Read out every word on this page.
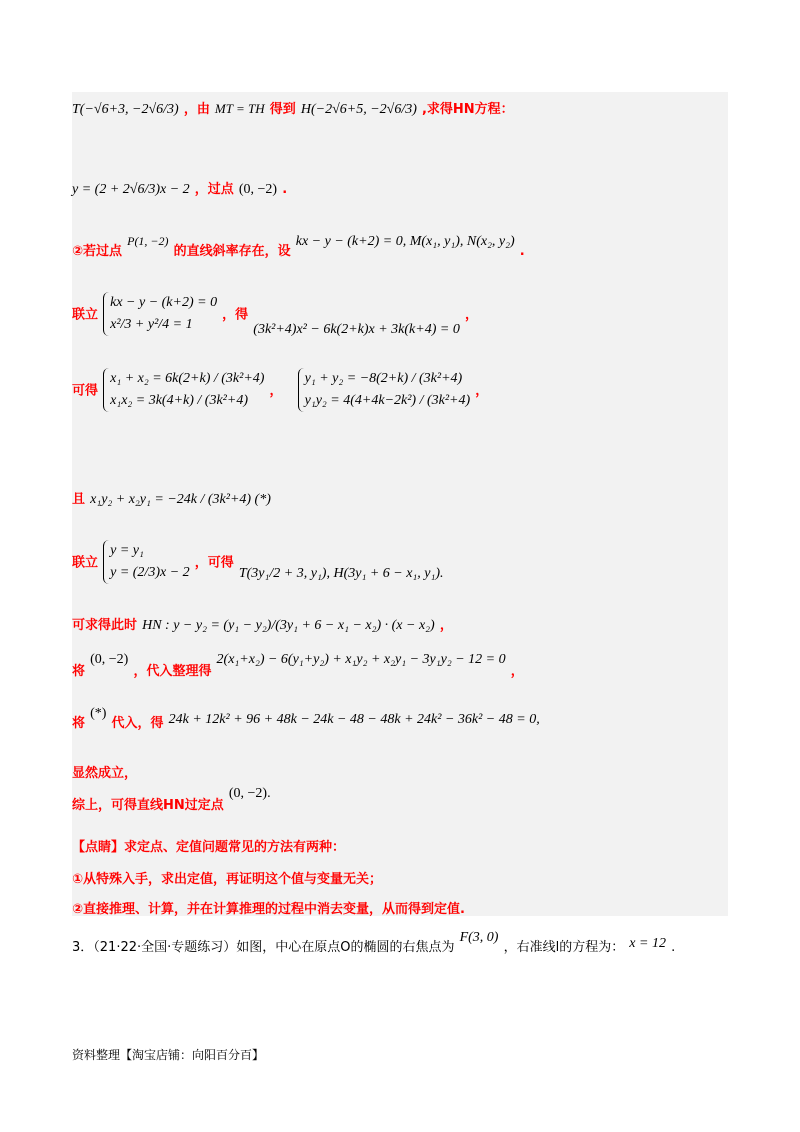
T(−√6+3, −2√6/3) ，由 MT = TH 得到 H(−2√6+5, −2√6/3) ,求得HN方程：
y = (2 + 2√6/3)x − 2 ，过点 (0, −2) .
②若过点 $^{P(1, -2)}$ 的直线斜率存在，设 kx − y − (k+2) = 0, M(x₁, y₁), N(x₂, y₂) .
联立
kx − y − (k+2) = 0
x²/3 + y²/4 = 1
，得 (3k²+4)x² − 6k(2+k)x + 3k(k+4) = 0 ，
可得
x₁ + x₂ = 6k(2+k) / (3k²+4)
x₁x₂ = 3k(4+k) / (3k²+4)
，
y₁ + y₂ = −8(2+k) / (3k²+4)
y₁y₂ = 4(4+4k−2k²) / (3k²+4)
，
且 x₁y₂ + x₂y₁ = −24k / (3k²+4) (*)
联立
y = y₁
y = (2/3)x − 2
，可得 T(3y₁/2 + 3, y₁), H(3y₁ + 6 − x₁, y₁).
可求得此时 HN : y − y₂ = (y₁ − y₂)/(3y₁ + 6 − x₁ − x₂) · (x − x₂) ，
将 (0, −2) ，代入整理得 2(x₁+x₂) − 6(y₁+y₂) + x₁y₂ + x₂y₁ − 3y₁y₂ − 12 = 0 ，
将 (*) 代入，得 24k + 12k² + 96 + 48k − 24k − 48 − 48k + 24k² − 36k² − 48 = 0,
显然成立，
综上，可得直线HN过定点 (0, −2).
【点睛】求定点、定值问题常见的方法有两种：
①从特殊入手，求出定值，再证明这个值与变量无关；
②直接推理、计算，并在计算推理的过程中消去变量，从而得到定值.
3．（21·22·全国·专题练习）如图，中心在原点O的椭圆的右焦点为 F(3, 0) ，右准线l的方程为： x = 12 .
资料整理【淘宝店铺：向阳百分百】
